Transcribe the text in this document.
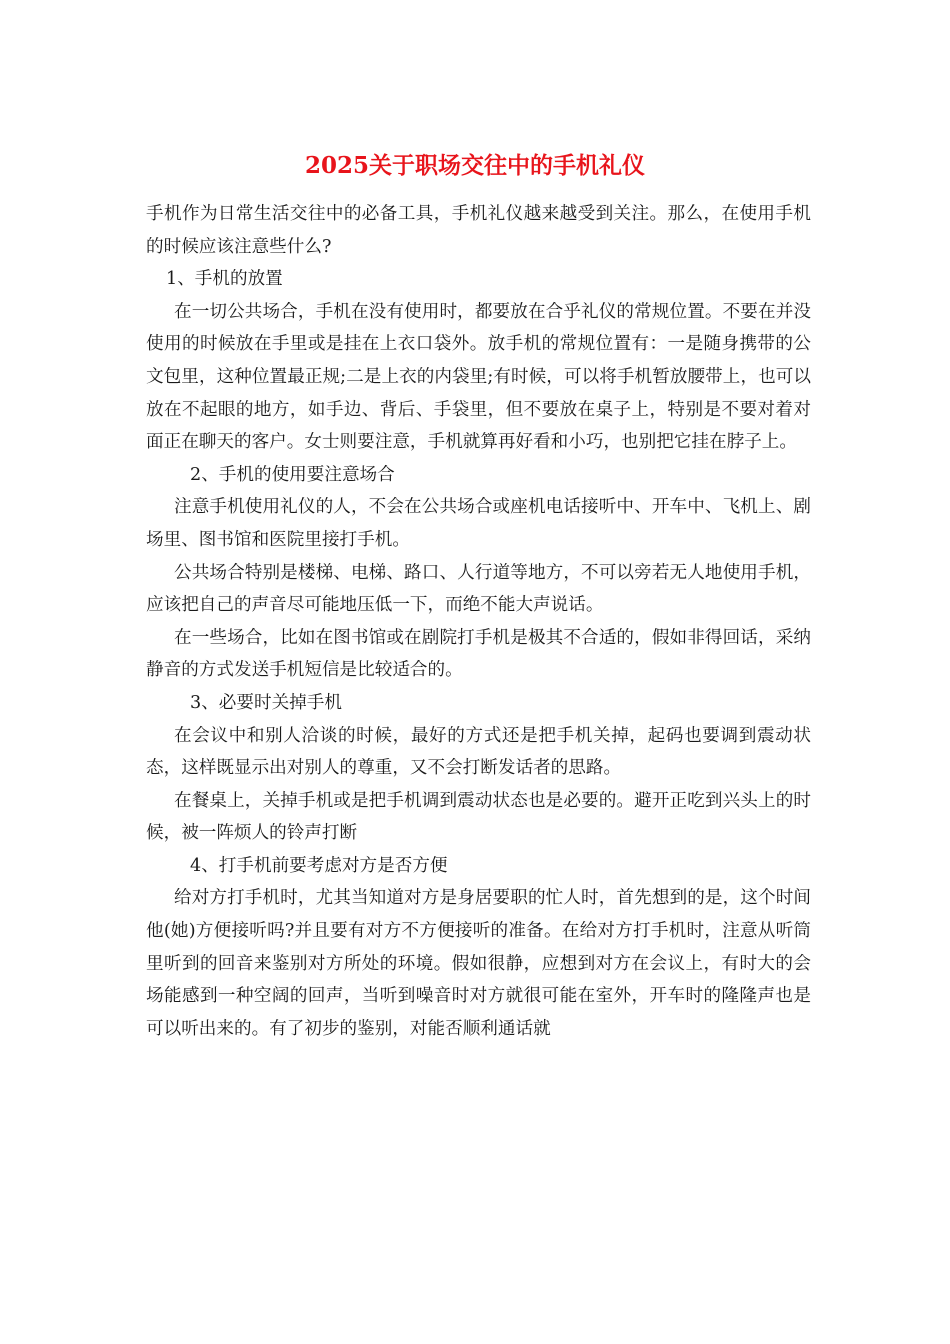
2025关于职场交往中的手机礼仪

手机作为日常生活交往中的必备工具，手机礼仪越来越受到关注。那么，在使用手机的时候应该注意些什么?

1、手机的放置

在一切公共场合，手机在没有使用时，都要放在合乎礼仪的常规位置。不要在并没使用的时候放在手里或是挂在上衣口袋外。放手机的常规位置有：一是随身携带的公文包里，这种位置最正规;二是上衣的内袋里;有时候，可以将手机暂放腰带上，也可以放在不起眼的地方，如手边、背后、手袋里，但不要放在桌子上，特别是不要对着对面正在聊天的客户。女士则要注意，手机就算再好看和小巧，也别把它挂在脖子上。

2、手机的使用要注意场合

注意手机使用礼仪的人，不会在公共场合或座机电话接听中、开车中、飞机上、剧场里、图书馆和医院里接打手机。

公共场合特别是楼梯、电梯、路口、人行道等地方，不可以旁若无人地使用手机，应该把自己的声音尽可能地压低一下，而绝不能大声说话。

在一些场合，比如在图书馆或在剧院打手机是极其不合适的，假如非得回话，采纳静音的方式发送手机短信是比较适合的。

3、必要时关掉手机

在会议中和别人洽谈的时候，最好的方式还是把手机关掉，起码也要调到震动状态，这样既显示出对别人的尊重，又不会打断发话者的思路。

在餐桌上，关掉手机或是把手机调到震动状态也是必要的。避开正吃到兴头上的时候，被一阵烦人的铃声打断

4、打手机前要考虑对方是否方便

给对方打手机时，尤其当知道对方是身居要职的忙人时，首先想到的是，这个时间他(她)方便接听吗?并且要有对方不方便接听的准备。在给对方打手机时，注意从听筒里听到的回音来鉴别对方所处的环境。假如很静，应想到对方在会议上，有时大的会场能感到一种空阔的回声，当听到噪音时对方就很可能在室外，开车时的隆隆声也是可以听出来的。有了初步的鉴别，对能否顺利通话就
